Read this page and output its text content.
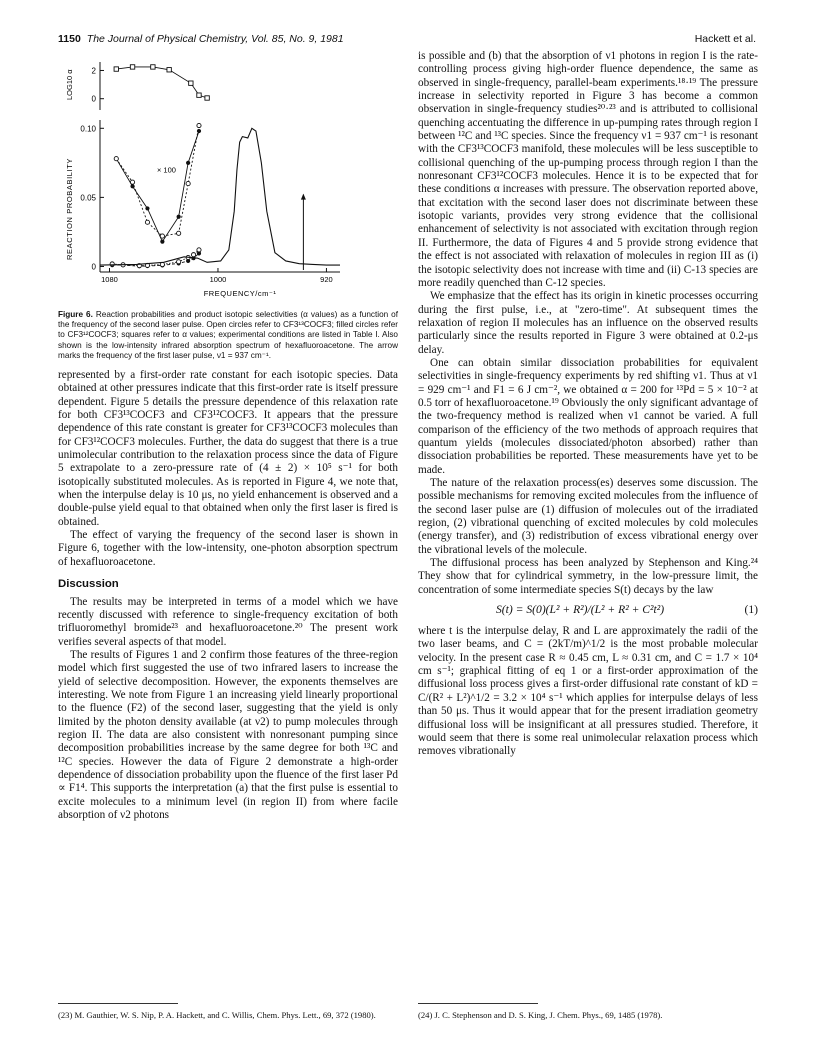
1150 The Journal of Physical Chemistry, Vol. 85, No. 9, 1981	Hackett et al.
2
0
0.10
0.05
0
1080	1000	920
FREQUENCY/cm⁻¹
LOG10 α
REACTION PROBABILITY	× 100
Figure 6. Reaction probabilities and product isotopic selectivities (α values) as a function of the frequency of the second laser pulse. Open circles refer to CF3¹³COCF3; filled circles refer to CF3¹²COCF3; squares refer to α values; experimental conditions are listed in Table I. Also shown is the low-intensity infrared absorption spectrum of hexafluoroacetone. The arrow marks the frequency of the first laser pulse, ν1 = 937 cm⁻¹.

represented by a first-order rate constant for each isotopic species. Data obtained at other pressures indicate that this first-order rate is itself pressure dependent. Figure 5 details the pressure dependence of this relaxation rate for both CF3¹³COCF3 and CF3¹²COCF3. It appears that the pressure dependence of this rate constant is greater for CF3¹³COCF3 molecules than for CF3¹²COCF3 molecules. Further, the data do suggest that there is a true unimolecular contribution to the relaxation process since the data of Figure 5 extrapolate to a zero-pressure rate of (4 ± 2) × 10⁵ s⁻¹ for both isotopically substituted molecules. As is reported in Figure 4, we note that, when the interpulse delay is 10 μs, no yield enhancement is observed and a double-pulse yield equal to that obtained when only the first laser is fired is obtained.

The effect of varying the frequency of the second laser is shown in Figure 6, together with the low-intensity, one-photon absorption spectrum of hexafluoroacetone.

Discussion

The results may be interpreted in terms of a model which we have recently discussed with reference to single-frequency excitation of both trifluoromethyl bromide²³ and hexafluoroacetone.²⁰ The present work verifies several aspects of that model.

The results of Figures 1 and 2 confirm those features of the three-region model which first suggested the use of two infrared lasers to increase the yield of selective decomposition. However, the exponents themselves are interesting. We note from Figure 1 an increasing yield linearly proportional to the fluence (F2) of the second laser, suggesting that the yield is only limited by the photon density available (at ν2) to pump molecules through region II. The data are also consistent with nonresonant pumping since decomposition probabilities increase by the same degree for both ¹³C and ¹²C species. However the data of Figure 2 demonstrate a high-order dependence of dissociation probability upon the fluence of the first laser Pd ∝ F1⁴. This supports the interpretation (a) that the first pulse is essential to excite molecules to a minimum level (in region II) from where facile absorption of ν2 photons

is possible and (b) that the absorption of ν1 photons in region I is the rate-controlling process giving high-order fluence dependence, the same as observed in single-frequency, parallel-beam experiments.¹⁸·¹⁹ The pressure increase in selectivity reported in Figure 3 has become a common observation in single-frequency studies²⁰·²³ and is attributed to collisional quenching accentuating the difference in up-pumping rates through region I between ¹²C and ¹³C species. Since the frequency ν1 = 937 cm⁻¹ is resonant with the CF3¹³COCF3 manifold, these molecules will be less susceptible to collisional quenching of the up-pumping process through region I than the nonresonant CF3¹²COCF3 molecules. Hence it is to be expected that for these conditions α increases with pressure. The observation reported above, that excitation with the second laser does not discriminate between these isotopic variants, provides very strong evidence that the collisional enhancement of selectivity is not associated with excitation through region II. Furthermore, the data of Figures 4 and 5 provide strong evidence that the effect is not associated with relaxation of molecules in region III as (i) the isotopic selectivity does not increase with time and (ii) C-13 species are more readily quenched than C-12 species.

We emphasize that the effect has its origin in kinetic processes occurring during the first pulse, i.e., at "zero-time". At subsequent times the relaxation of region II molecules has an influence on the observed results particularly since the results reported in Figure 3 were obtained at 0.2-μs delay.

One can obtain similar dissociation probabilities for equivalent selectivities in single-frequency experiments by red shifting ν1. Thus at ν1 = 929 cm⁻¹ and F1 = 6 J cm⁻², we obtained α = 200 for ¹³Pd = 5 × 10⁻² at 0.5 torr of hexafluoroacetone.¹⁹ Obviously the only significant advantage of the two-frequency method is realized when ν1 cannot be varied. A full comparison of the efficiency of the two methods of approach requires that quantum yields (molecules dissociated/photon absorbed) rather than dissociation probabilities be reported. These measurements have yet to be made.

The nature of the relaxation process(es) deserves some discussion. The possible mechanisms for removing excited molecules from the influence of the second laser pulse are (1) diffusion of molecules out of the irradiated region, (2) vibrational quenching of excited molecules by cold molecules (energy transfer), and (3) redistribution of excess vibrational energy over the vibrational levels of the molecule.

The diffusional process has been analyzed by Stephenson and King.²⁴ They show that for cylindrical symmetry, in the low-pressure limit, the concentration of some intermediate species S(t) decays by the law

S(t) = S(0)(L² + R²)/(L² + R² + C²t²)	(1)

where t is the interpulse delay, R and L are approximately the radii of the two laser beams, and C = (2kT/m)^1/2 is the most probable molecular velocity. In the present case R ≈ 0.45 cm, L ≈ 0.31 cm, and C = 1.7 × 10⁴ cm s⁻¹; graphical fitting of eq 1 or a first-order approximation of the diffusional loss process gives a first-order diffusional rate constant of kD = C/(R² + L²)^1/2 = 3.2 × 10⁴ s⁻¹ which applies for interpulse delays of less than 50 μs. Thus it would appear that for the present irradiation geometry diffusional loss will be insignificant at all pressures studied. Therefore, it would seem that there is some real unimolecular relaxation process which removes vibrationally

(23) M. Gauthier, W. S. Nip, P. A. Hackett, and C. Willis, Chem. Phys. Lett., 69, 372 (1980).	(24) J. C. Stephenson and D. S. King, J. Chem. Phys., 69, 1485 (1978).
